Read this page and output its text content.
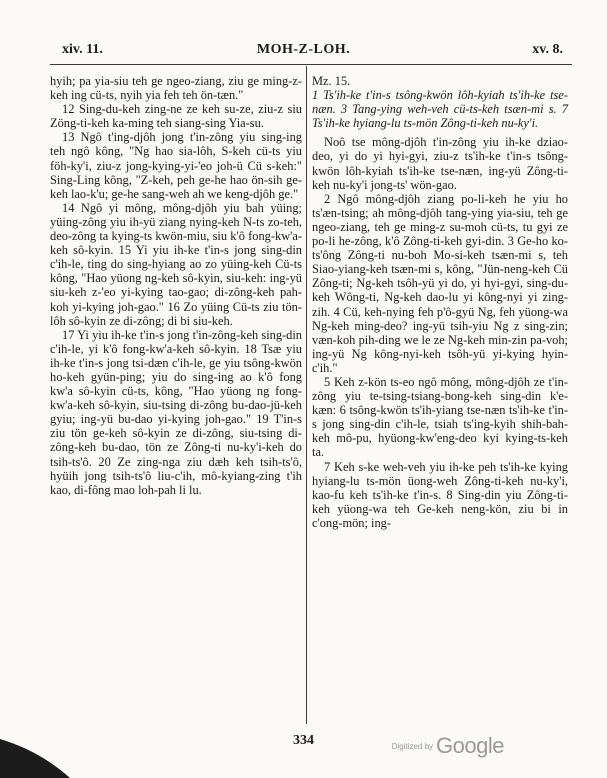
xiv. 11.	MOH-Z-LOH.	xv. 8.

hyih; pa yia-siu teh ge ngeo-ziang, ziu ge ming-z-keh ing cü-ts, nyih yia feh teh ön-tæn."

12 Sing-du-keh zing-ne ze keh su-ze, ziu-z siu Zöng-ti-keh ka-ming teh siang-sing Yia-su.

13 Ngô t'ing-djôh jong t'in-zông yiu sing-ing teh ngô kông, "Ng hao sia-lôh, S-keh cü-ts yiu föh-ky'i, ziu-z jong-kying-yi-'eo joh-ü Cü s-keh:" Sing-Ling kông, "Z-keh, peh ge-he hao ön-sih ge-keh lao-k'u; ge-he sang-weh ah we keng-djôh ge."

14 Ngô yi mông, mông-djôh yiu bah yüing; yüing-zông yiu ih-yü ziang nying-keh N-ts zo-teh, deo-zông ta kying-ts kwön-miu, siu k'ô fong-kw'a-keh sô-kyin. 15 Yi yiu ih-ke t'in-s jong sing-din c'ih-le, ting do sing-hyiang ao zo yüing-keh Cü-ts kông, "Hao yüong ng-keh sô-kyin, siu-keh: ing-yü siu-keh z-'eo yi-kying tao-gao; di-zông-keh pah-koh yi-kying joh-gao." 16 Zo yüing Cü-ts ziu tön-lôh sô-kyin ze di-zông; di bi siu-keh.

17 Yi yiu ih-ke t'in-s jong t'in-zông-keh sing-din c'ih-le, yi k'ô fong-kw'a-keh sô-kyin. 18 Tsæ yiu ih-ke t'in-s jong tsi-dæn c'ih-le, ge yiu tsông-kwön ho-keh gyün-ping; yiu do sing-ing ao k'ô fong kw'a sô-kyin cü-ts, kông, "Hao yüong ng fong-kw'a-keh sô-kyin, siu-tsing di-zông bu-dao-jü-keh gyiu; ing-yü bu-dao yi-kying joh-gao." 19 T'in-s ziu tön ge-keh sô-kyin ze di-zông, siu-tsing di-zông-keh bu-dao, tön ze Zông-ti nu-ky'i-keh do tsih-ts'ô. 20 Ze zing-nga ziu dæh keh tsih-ts'ô, hyüih jong tsih-ts'ô liu-c'ih, mô-kyiang-zing t'ih kao, di-fông mao loh-pah li lu.

Mz. 15.

1 Ts'ih-ke t'in-s tsông-kwön lôh-kyiah ts'ih-ke tse-næn. 3 Tang-ying weh-veh cü-ts-keh tsæn-mi s. 7 Ts'ih-ke hyiang-lu ts-mön Zông-ti-keh nu-ky'i.

Noô tse mông-djôh t'in-zông yiu ih-ke dziao-deo, yi do yi hyi-gyi, ziu-z ts'ih-ke t'in-s tsông-kwön lôh-kyiah ts'ih-ke tse-næn, ing-yü Zông-ti-keh nu-ky'i jong-ts' wön-gao.

2 Ngô mông-djôh ziang po-li-keh he yiu ho ts'æn-tsing; ah mông-djôh tang-ying yia-siu, teh ge ngeo-ziang, teh ge ming-z su-moh cü-ts, tu gyi ze po-li he-zông, k'ô Zông-ti-keh gyi-din. 3 Ge-ho ko-ts'ông Zông-ti nu-boh Mo-si-keh tsæn-mi s, teh Siao-yiang-keh tsæn-mi s, kông, "Jün-neng-keh Cü Zông-ti; Ng-keh tsôh-yü yi do, yi hyi-gyi, sing-du-keh Wông-ti, Ng-keh dao-lu yi kông-nyi yi zing-zih. 4 Cü, keh-nying feh p'ô-gyü Ng, feh yüong-wa Ng-keh ming-deo? ing-yü tsih-yiu Ng z sing-zin; væn-koh pih-ding we le ze Ng-keh min-zin pa-voh; ing-yü Ng kông-nyi-keh tsôh-yü yi-kying hyin-c'ih."

5 Keh z-kön ts-eo ngô mông, mông-djôh ze t'in-zông yiu te-tsing-tsiang-bong-keh sing-din k'e-kæn: 6 tsông-kwön ts'ih-yiang tse-næn ts'ih-ke t'in-s jong sing-din c'ih-le, tsiah ts'ing-kyih shih-bah-keh mô-pu, hyüong-kw'eng-deo kyi kying-ts-keh ta.

7 Keh s-ke weh-veh yiu ih-ke peh ts'ih-ke kying hyiang-lu ts-mön üong-weh Zông-ti-keh nu-ky'i, kao-fu keh ts'ih-ke t'in-s. 8 Sing-din yiu Zông-ti-keh yüong-wa teh Ge-keh neng-kön, ziu bi in c'ong-mön; ing-

334	Digitized by Google
